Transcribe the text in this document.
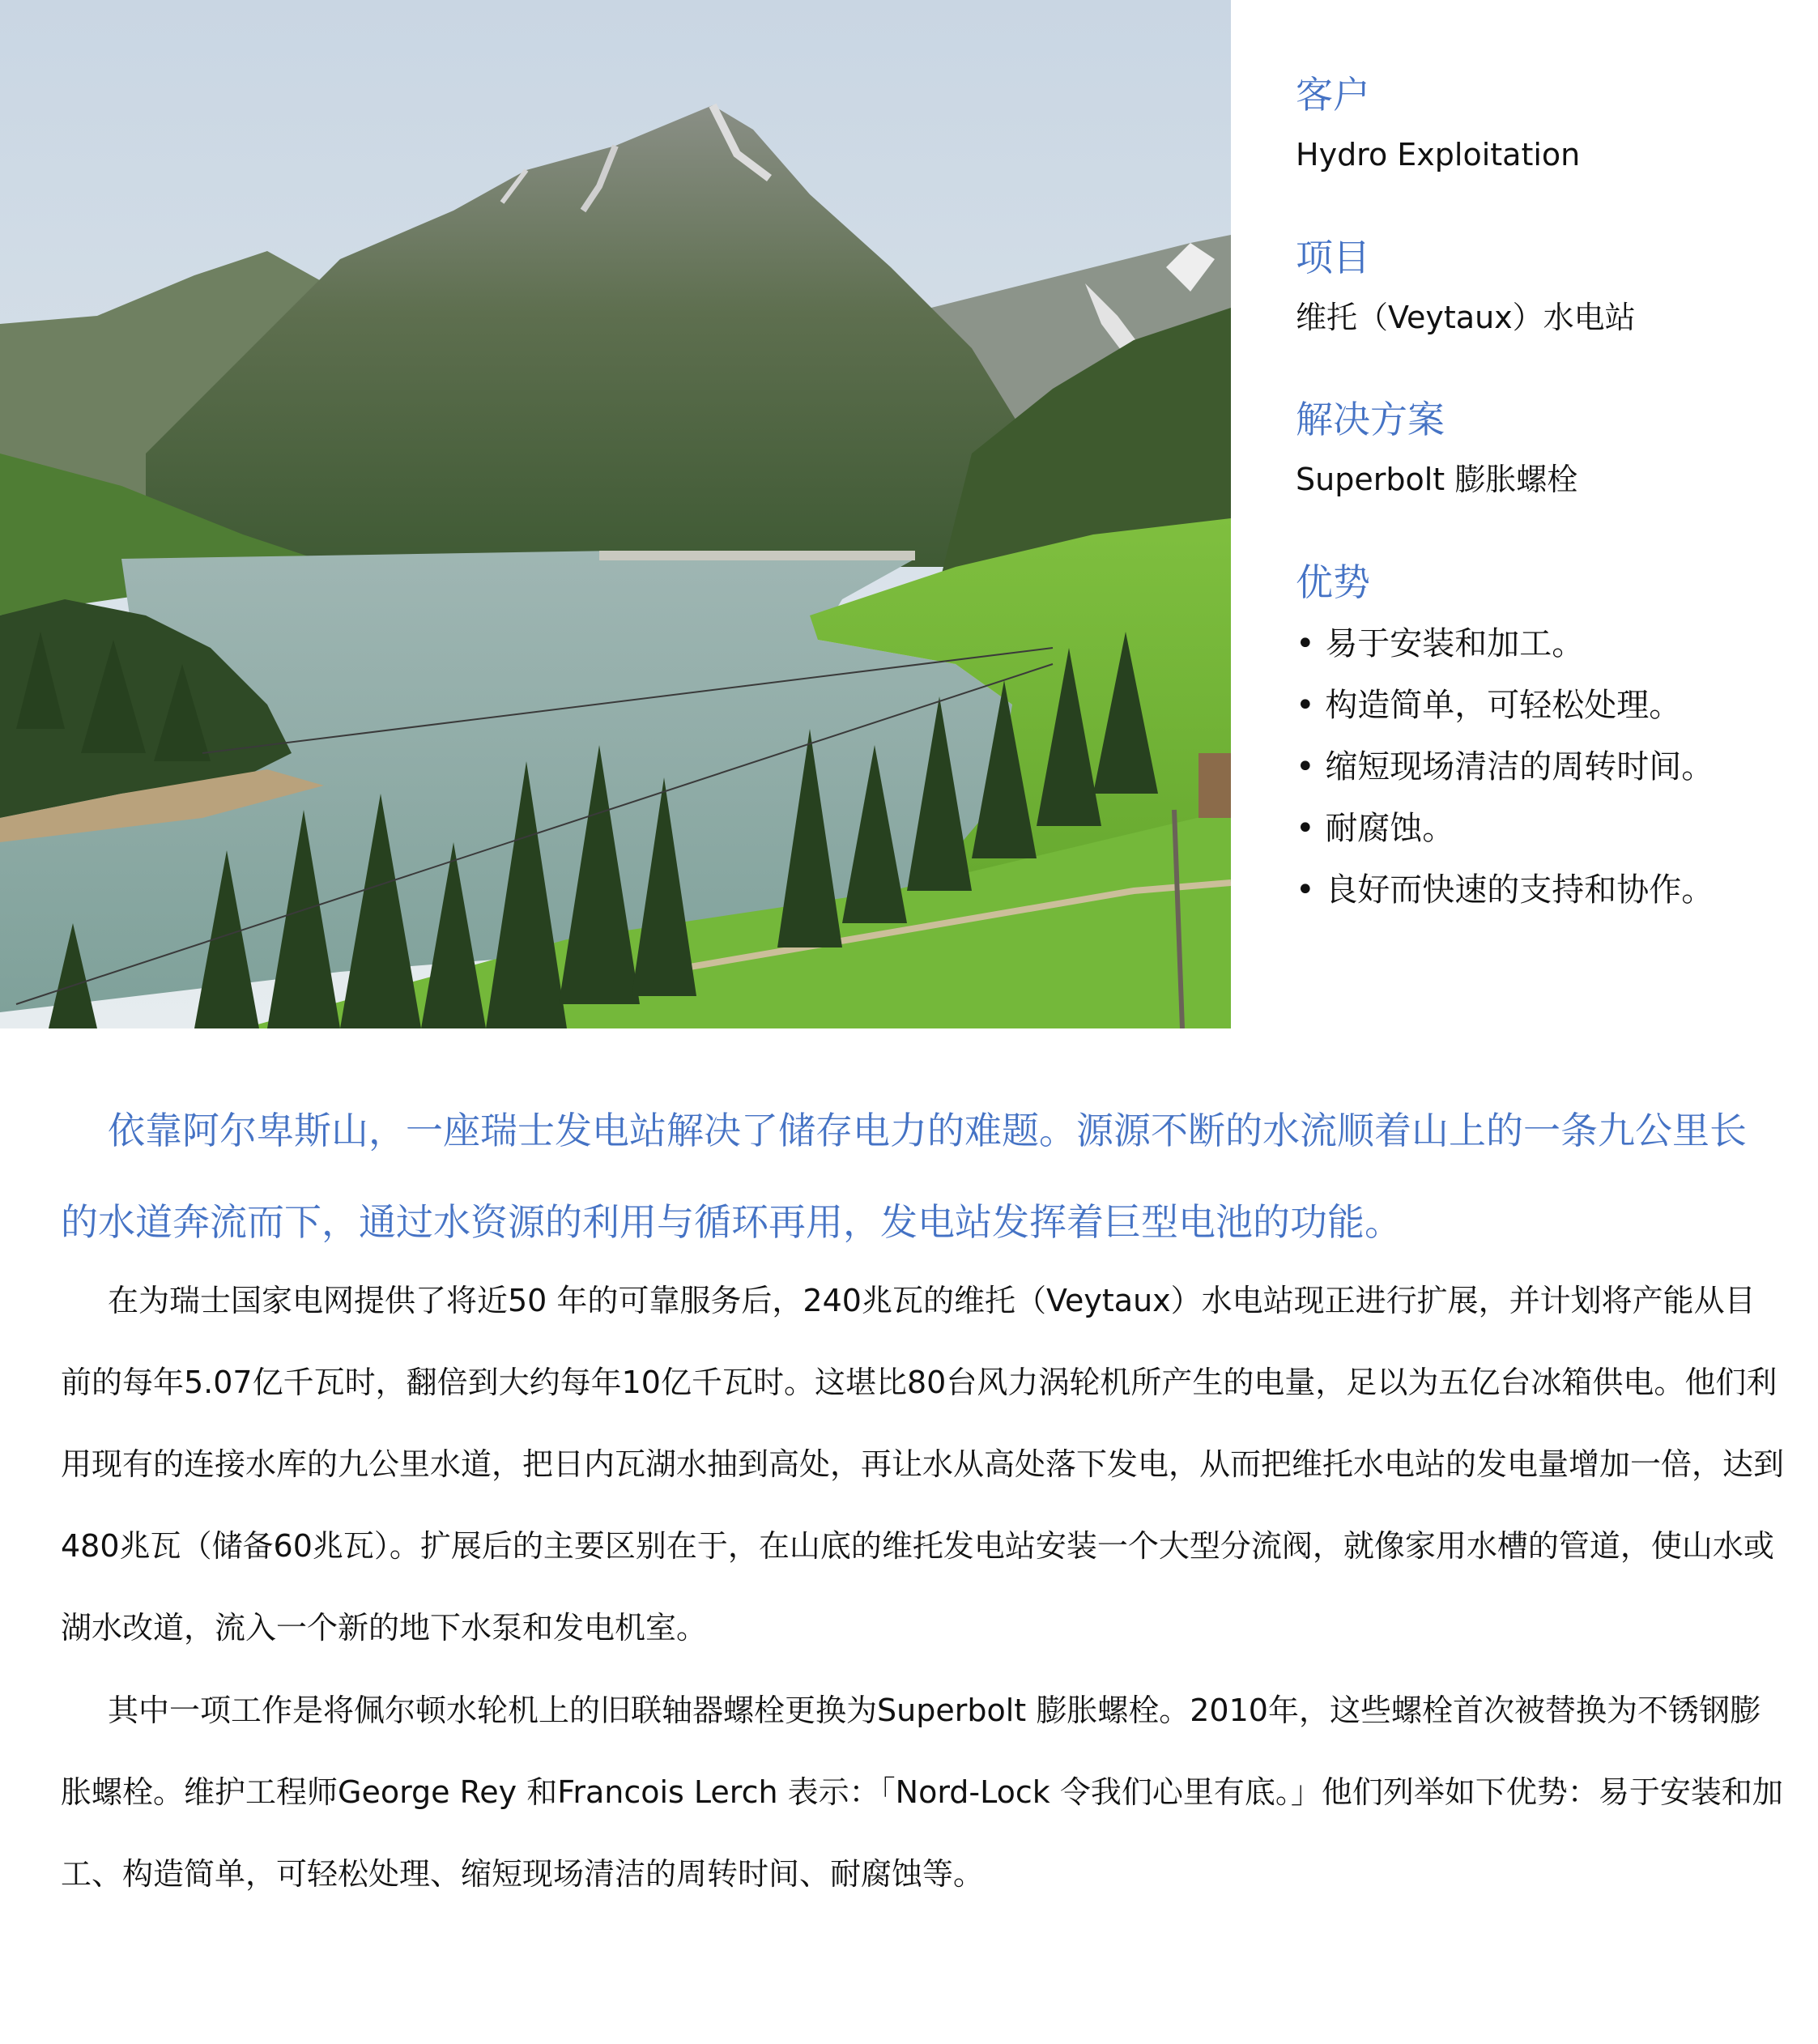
客户

Hydro Exploitation

项目

维托（Veytaux）水电站

解决方案

Superbolt 膨胀螺栓

优势
• 易于安装和加工。
• 构造简单，可轻松处理。
• 缩短现场清洁的周转时间。
• 耐腐蚀。
• 良好而快速的支持和协作。

依靠阿尔卑斯山，一座瑞士发电站解决了储存电力的难题。源源不断的水流顺着山上的一条九公里长的水道奔流而下，通过水资源的利用与循环再用，发电站发挥着巨型电池的功能。

在为瑞士国家电网提供了将近50 年的可靠服务后，240兆瓦的维托（Veytaux）水电站现正进行扩展，并计划将产能从目前的每年5.07亿千瓦时，翻倍到大约每年10亿千瓦时。这堪比80台风力涡轮机所产生的电量，足以为五亿台冰箱供电。他们利用现有的连接水库的九公里水道，把日内瓦湖水抽到高处，再让水从高处落下发电，从而把维托水电站的发电量增加一倍，达到480兆瓦（储备60兆瓦）。扩展后的主要区别在于，在山底的维托发电站安装一个大型分流阀，就像家用水槽的管道，使山水或湖水改道，流入一个新的地下水泵和发电机室。

其中一项工作是将佩尔顿水轮机上的旧联轴器螺栓更换为Superbolt 膨胀螺栓。2010年，这些螺栓首次被替换为不锈钢膨胀螺栓。维护工程师George Rey 和Francois Lerch 表示：「Nord-Lock 令我们心里有底。」他们列举如下优势：易于安装和加工、构造简单，可轻松处理、缩短现场清洁的周转时间、耐腐蚀等。
